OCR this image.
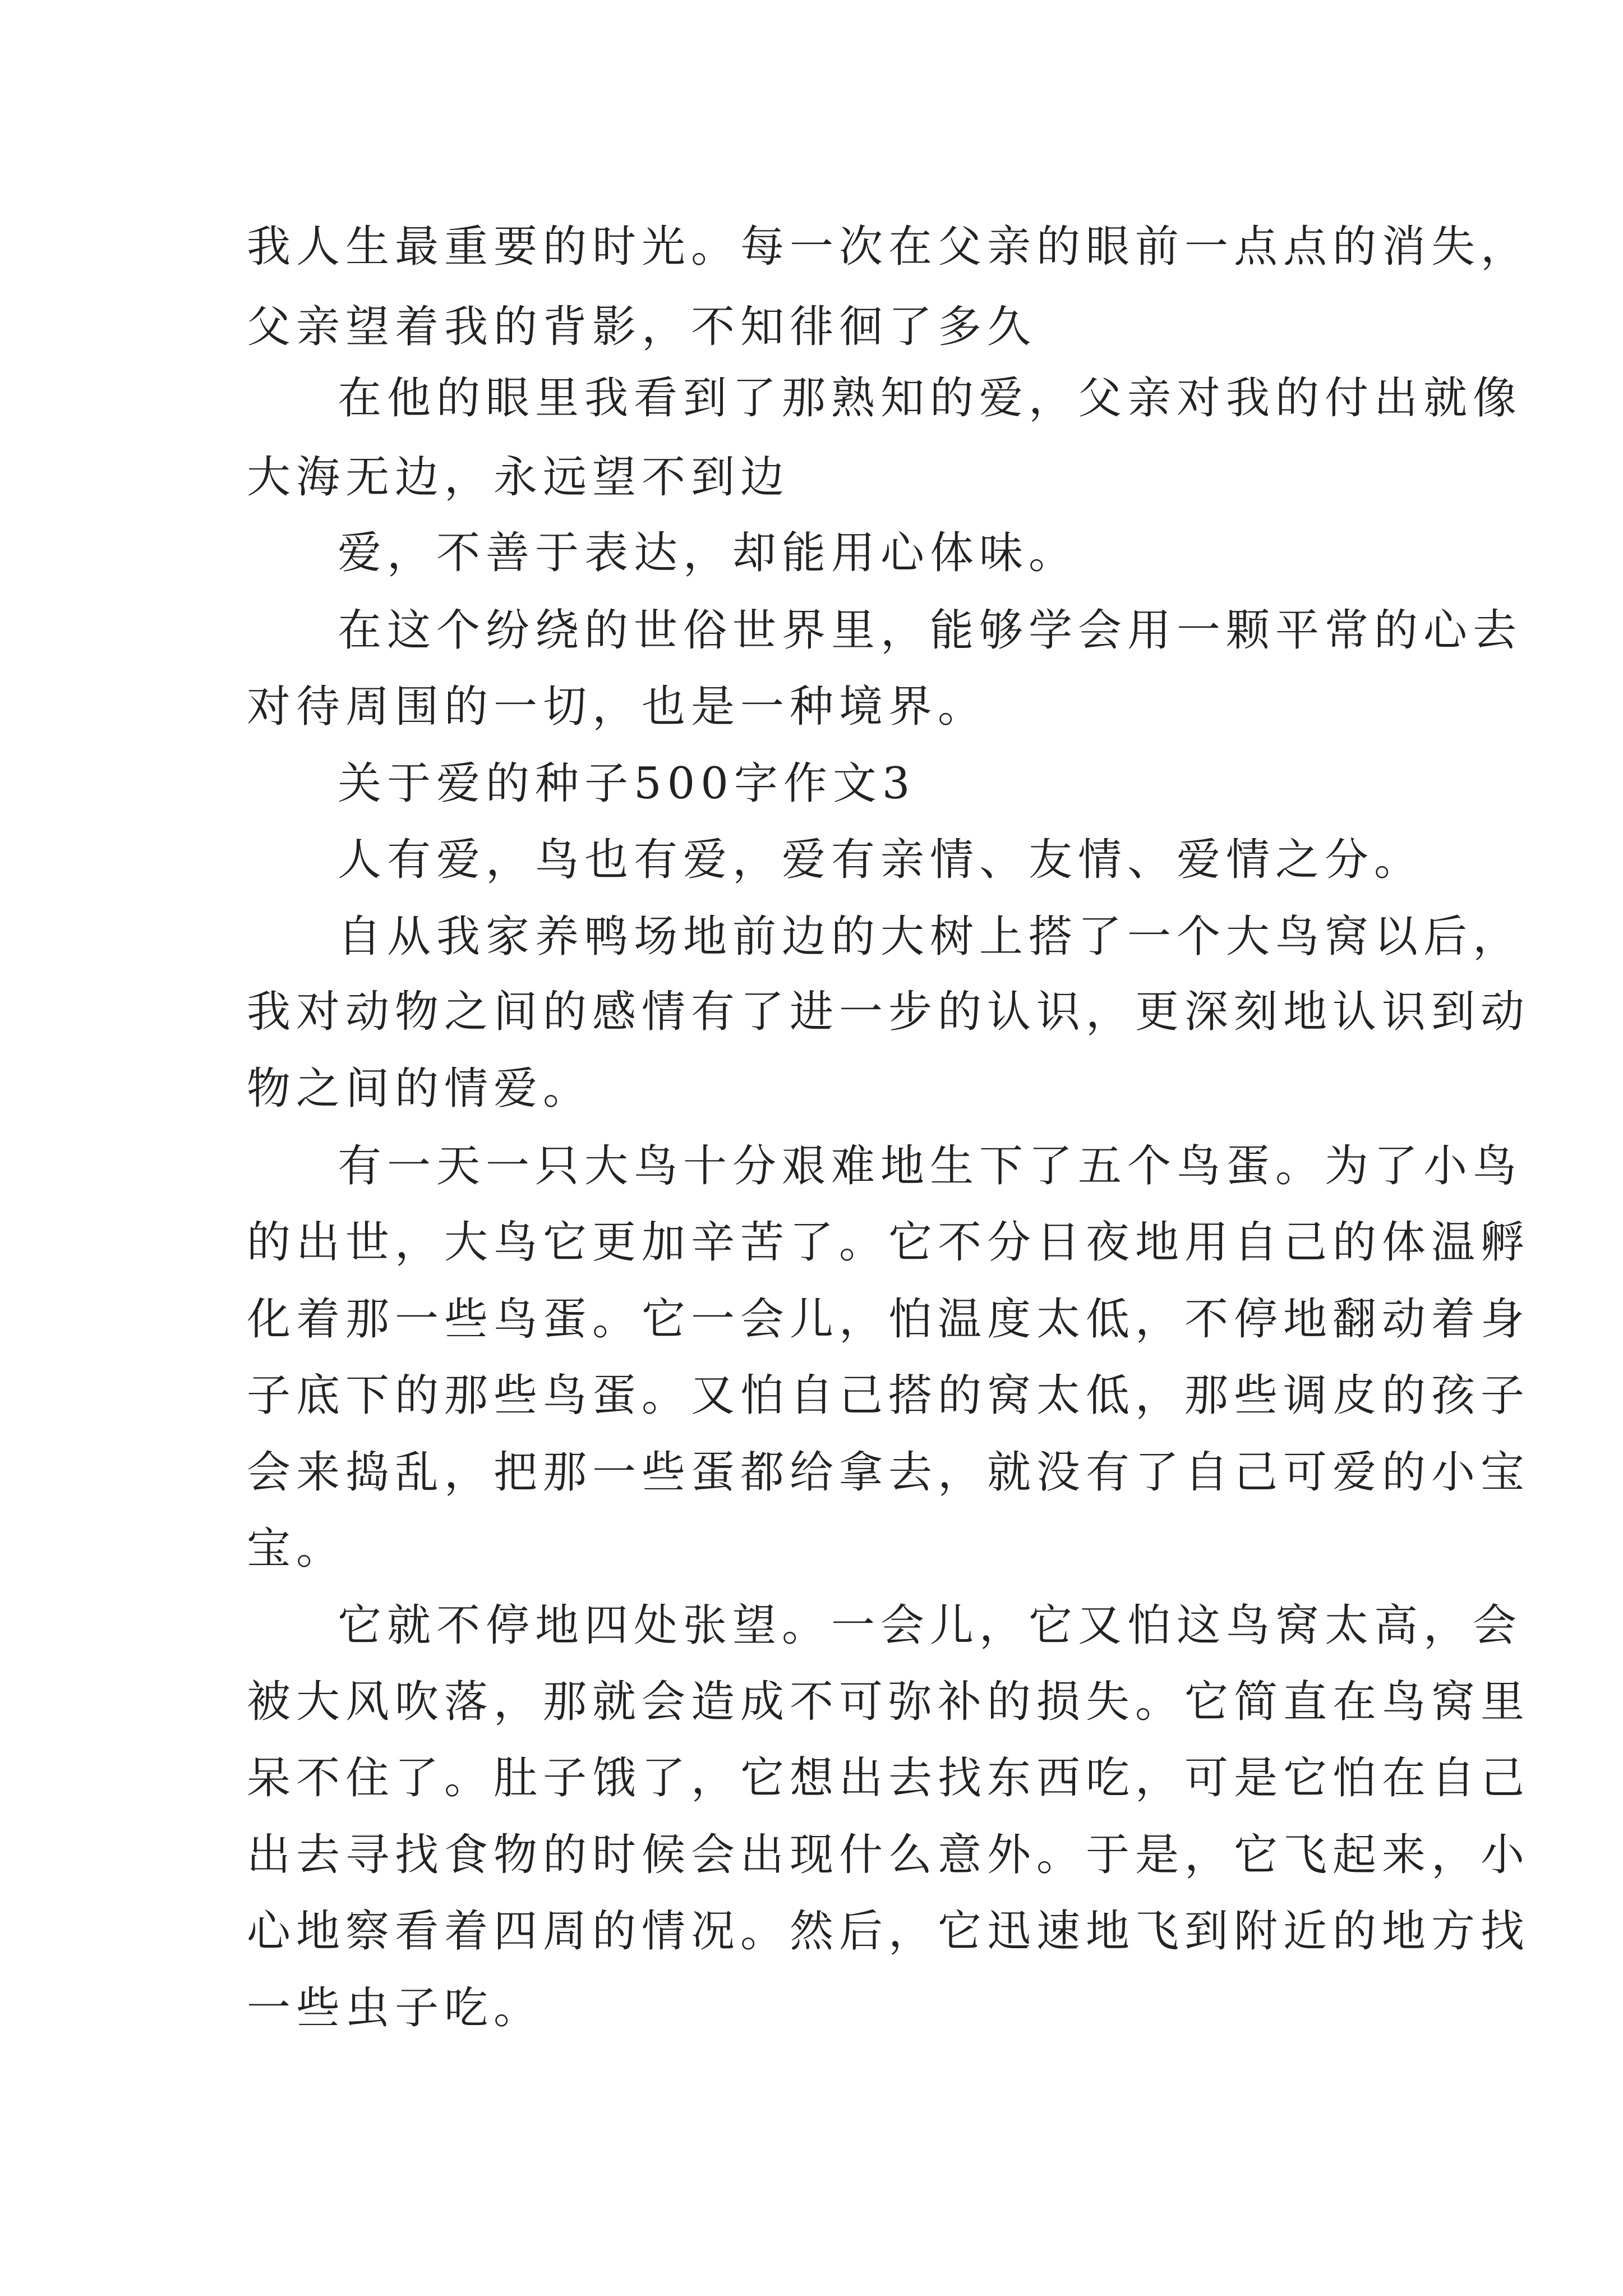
我人生最重要的时光。每一次在父亲的眼前一点点的消失，
父亲望着我的背影，不知徘徊了多久
在他的眼里我看到了那熟知的爱，父亲对我的付出就像
大海无边，永远望不到边
爱，不善于表达，却能用心体味。
在这个纷绕的世俗世界里，能够学会用一颗平常的心去
对待周围的一切，也是一种境界。
关于爱的种子500字作文3
人有爱，鸟也有爱，爱有亲情、友情、爱情之分。
自从我家养鸭场地前边的大树上搭了一个大鸟窝以后，
我对动物之间的感情有了进一步的认识，更深刻地认识到动
物之间的情爱。
有一天一只大鸟十分艰难地生下了五个鸟蛋。为了小鸟
的出世，大鸟它更加辛苦了。它不分日夜地用自己的体温孵
化着那一些鸟蛋。它一会儿，怕温度太低，不停地翻动着身
子底下的那些鸟蛋。又怕自己搭的窝太低，那些调皮的孩子
会来捣乱，把那一些蛋都给拿去，就没有了自己可爱的小宝
宝。
它就不停地四处张望。一会儿，它又怕这鸟窝太高，会
被大风吹落，那就会造成不可弥补的损失。它简直在鸟窝里
呆不住了。肚子饿了，它想出去找东西吃，可是它怕在自己
出去寻找食物的时候会出现什么意外。于是，它飞起来，小
心地察看着四周的情况。然后，它迅速地飞到附近的地方找
一些虫子吃。
